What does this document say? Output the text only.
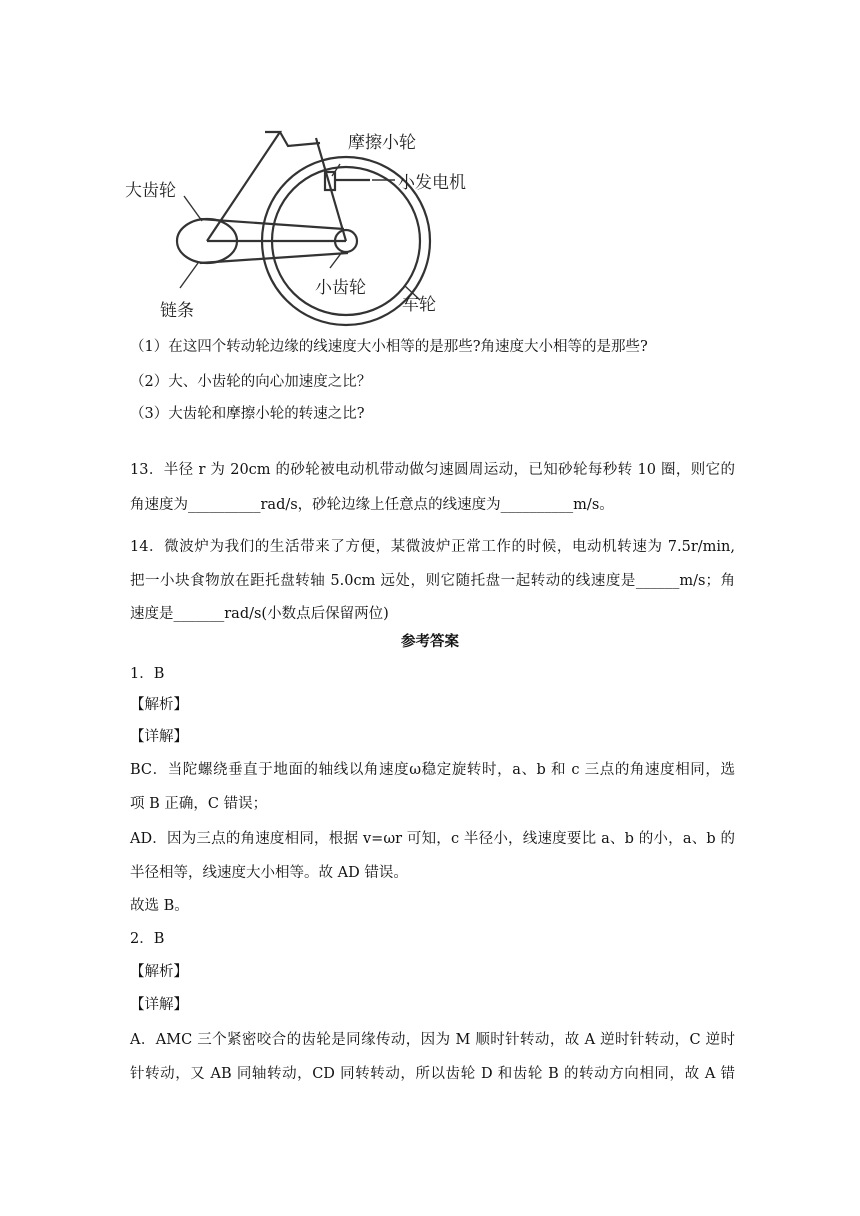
摩擦小轮
小发电机
大齿轮
链条
小齿轮
车轮
（1）在这四个转动轮边缘的线速度大小相等的是那些?角速度大小相等的是那些?
（2）大、小齿轮的向心加速度之比？
（3）大齿轮和摩擦小轮的转速之比?
13．半径 r 为 20cm 的砂轮被电动机带动做匀速圆周运动，已知砂轮每秒转 10 圈，则它的
角速度为__________rad/s，砂轮边缘上任意点的线速度为__________m/s。
14．微波炉为我们的生活带来了方便，某微波炉正常工作的时候，电动机转速为 7.5r/min,
把一小块食物放在距托盘转轴 5.0cm 远处，则它随托盘一起转动的线速度是______m/s；角
速度是_______rad/s(小数点后保留两位)
参考答案
1．B
【解析】
【详解】
BC．当陀螺绕垂直于地面的轴线以角速度ω稳定旋转时，a、b 和 c 三点的角速度相同，选
项 B 正确，C 错误；
AD．因为三点的角速度相同，根据 v=ωr 可知，c 半径小，线速度要比 a、b 的小，a、b 的
半径相等，线速度大小相等。故 AD 错误。
故选 B。
2．B
【解析】
【详解】
A．AMC 三个紧密咬合的齿轮是同缘传动，因为 M 顺时针转动，故 A 逆时针转动，C 逆时
针转动，又 AB 同轴转动，CD 同转转动，所以齿轮 D 和齿轮 B 的转动方向相同，故 A 错
